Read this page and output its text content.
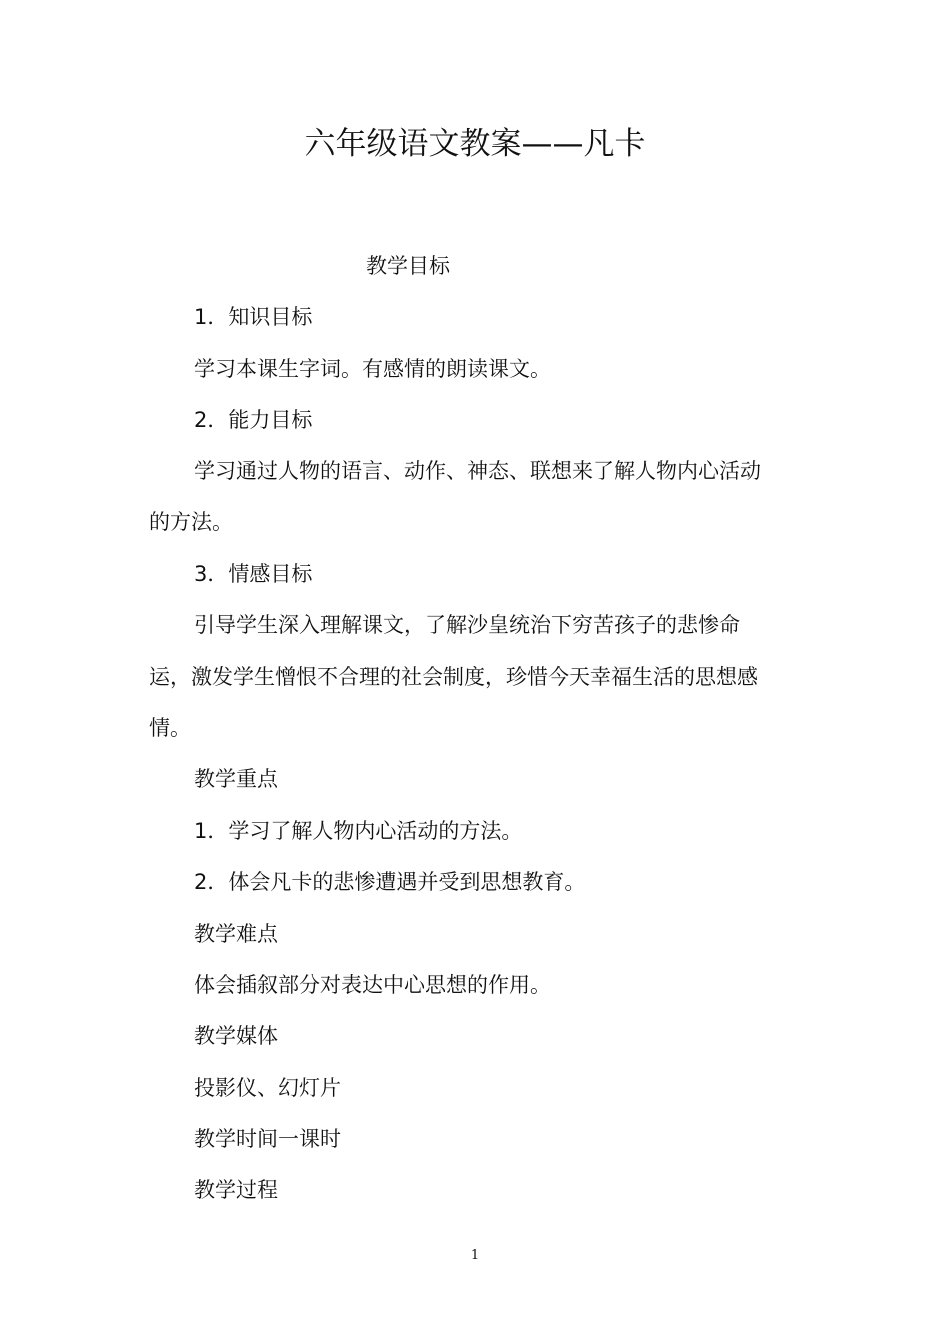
六年级语文教案——凡卡

教学目标

1．知识目标

学习本课生字词。有感情的朗读课文。

2．能力目标

学习通过人物的语言、动作、神态、联想来了解人物内心活动

的方法。

3．情感目标

引导学生深入理解课文，了解沙皇统治下穷苦孩子的悲惨命

运，激发学生憎恨不合理的社会制度，珍惜今天幸福生活的思想感

情。

教学重点

1．学习了解人物内心活动的方法。

2．体会凡卡的悲惨遭遇并受到思想教育。

教学难点

体会插叙部分对表达中心思想的作用。

教学媒体

投影仪、幻灯片

教学时间一课时

教学过程

1
